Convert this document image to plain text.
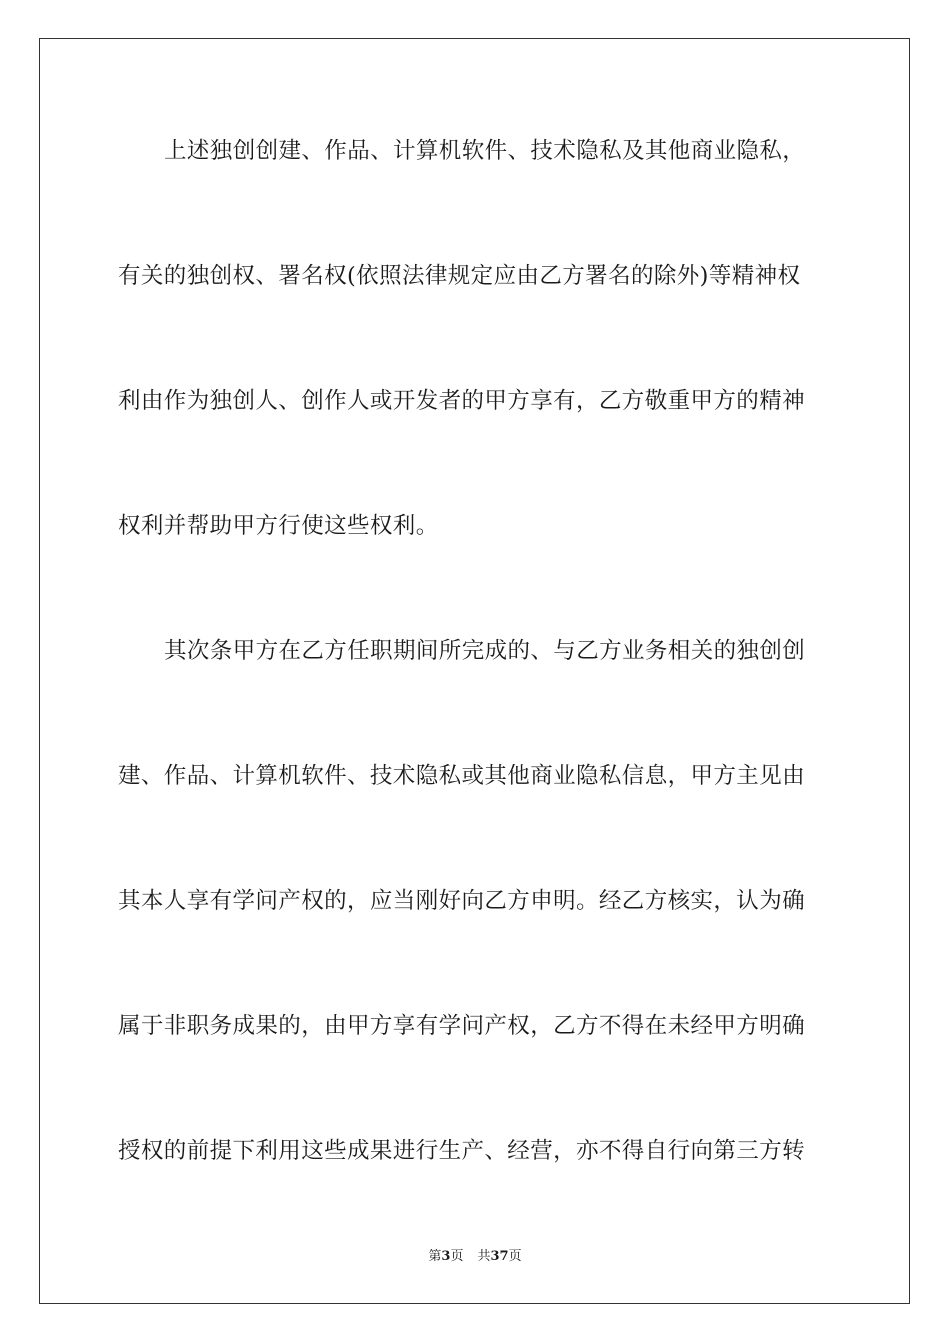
上述独创创建、作品、计算机软件、技术隐私及其他商业隐私，
有关的独创权、署名权(依照法律规定应由乙方署名的除外)等精神权
利由作为独创人、创作人或开发者的甲方享有，乙方敬重甲方的精神
权利并帮助甲方行使这些权利。
其次条甲方在乙方任职期间所完成的、与乙方业务相关的独创创
建、作品、计算机软件、技术隐私或其他商业隐私信息，甲方主见由
其本人享有学问产权的，应当刚好向乙方申明。经乙方核实，认为确
属于非职务成果的，由甲方享有学问产权，乙方不得在未经甲方明确
授权的前提下利用这些成果进行生产、经营，亦不得自行向第三方转
第3页 共37页
